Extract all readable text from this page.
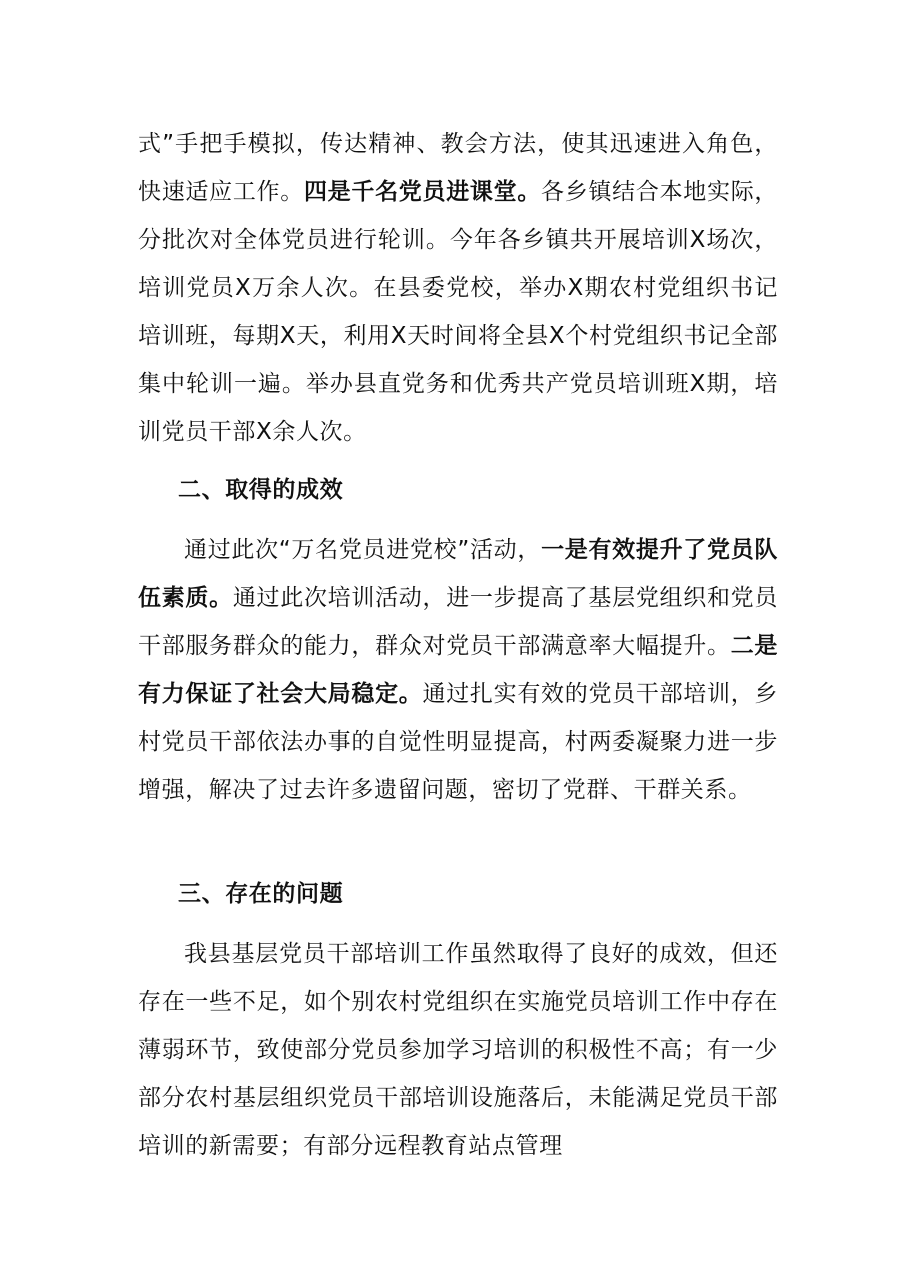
式”手把手模拟，传达精神、教会方法，使其迅速进入角色，快速适应工作。四是千名党员进课堂。各乡镇结合本地实际，分批次对全体党员进行轮训。今年各乡镇共开展培训Ⅹ场次，培训党员Ⅹ万余人次。在县委党校，举办Ⅹ期农村党组织书记培训班，每期Ⅹ天，利用Ⅹ天时间将全县Ⅹ个村党组织书记全部集中轮训一遍。举办县直党务和优秀共产党员培训班Ⅹ期，培训党员干部Ⅹ余人次。

二、取得的成效

通过此次“万名党员进党校”活动，一是有效提升了党员队伍素质。通过此次培训活动，进一步提高了基层党组织和党员干部服务群众的能力，群众对党员干部满意率大幅提升。二是有力保证了社会大局稳定。通过扎实有效的党员干部培训，乡村党员干部依法办事的自觉性明显提高，村两委凝聚力进一步增强，解决了过去许多遗留问题，密切了党群、干群关系。

三、存在的问题

我县基层党员干部培训工作虽然取得了良好的成效，但还存在一些不足，如个别农村党组织在实施党员培训工作中存在薄弱环节，致使部分党员参加学习培训的积极性不高；有一少部分农村基层组织党员干部培训设施落后，未能满足党员干部培训的新需要；有部分远程教育站点管理
